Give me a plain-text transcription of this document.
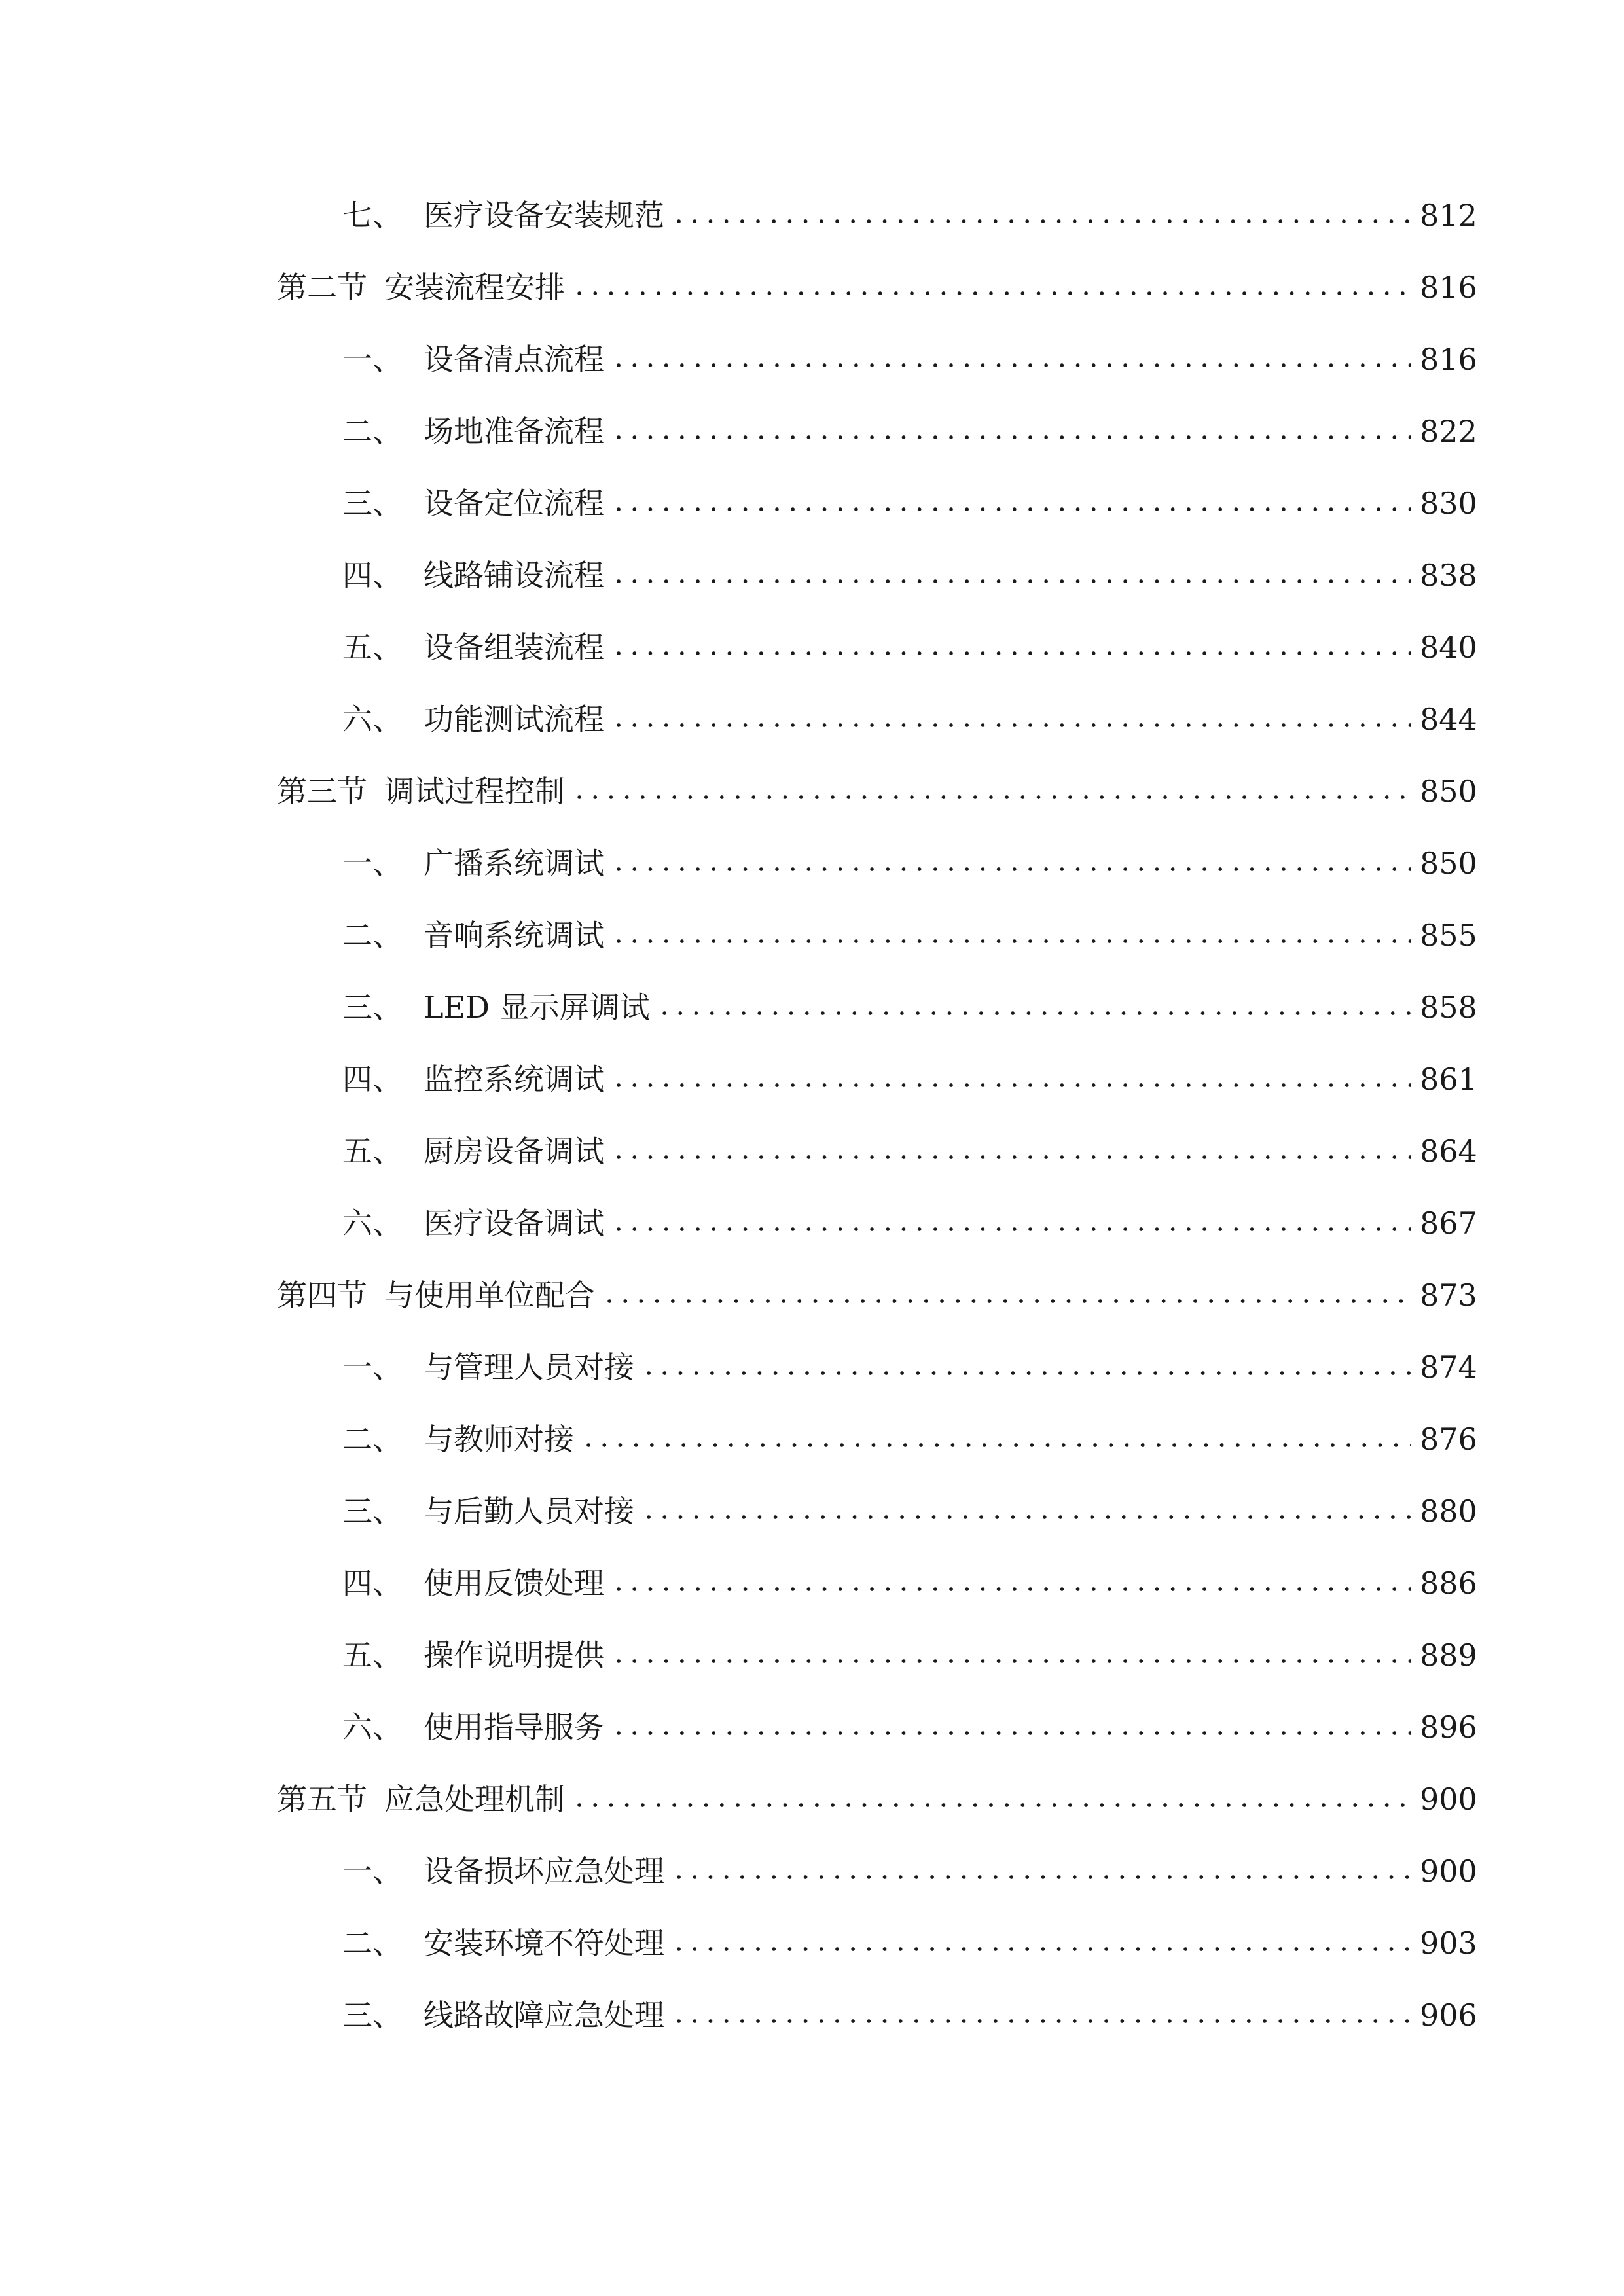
七、 医疗设备安装规范	812
第二节 安装流程安排	816
一、 设备清点流程	816
二、 场地准备流程	822
三、 设备定位流程	830
四、 线路铺设流程	838
五、 设备组装流程	840
六、 功能测试流程	844
第三节 调试过程控制	850
一、 广播系统调试	850
二、 音响系统调试	855
三、 LED 显示屏调试	858
四、 监控系统调试	861
五、 厨房设备调试	864
六、 医疗设备调试	867
第四节 与使用单位配合	873
一、 与管理人员对接	874
二、 与教师对接	876
三、 与后勤人员对接	880
四、 使用反馈处理	886
五、 操作说明提供	889
六、 使用指导服务	896
第五节 应急处理机制	900
一、 设备损坏应急处理	900
二、 安装环境不符处理	903
三、 线路故障应急处理	906
